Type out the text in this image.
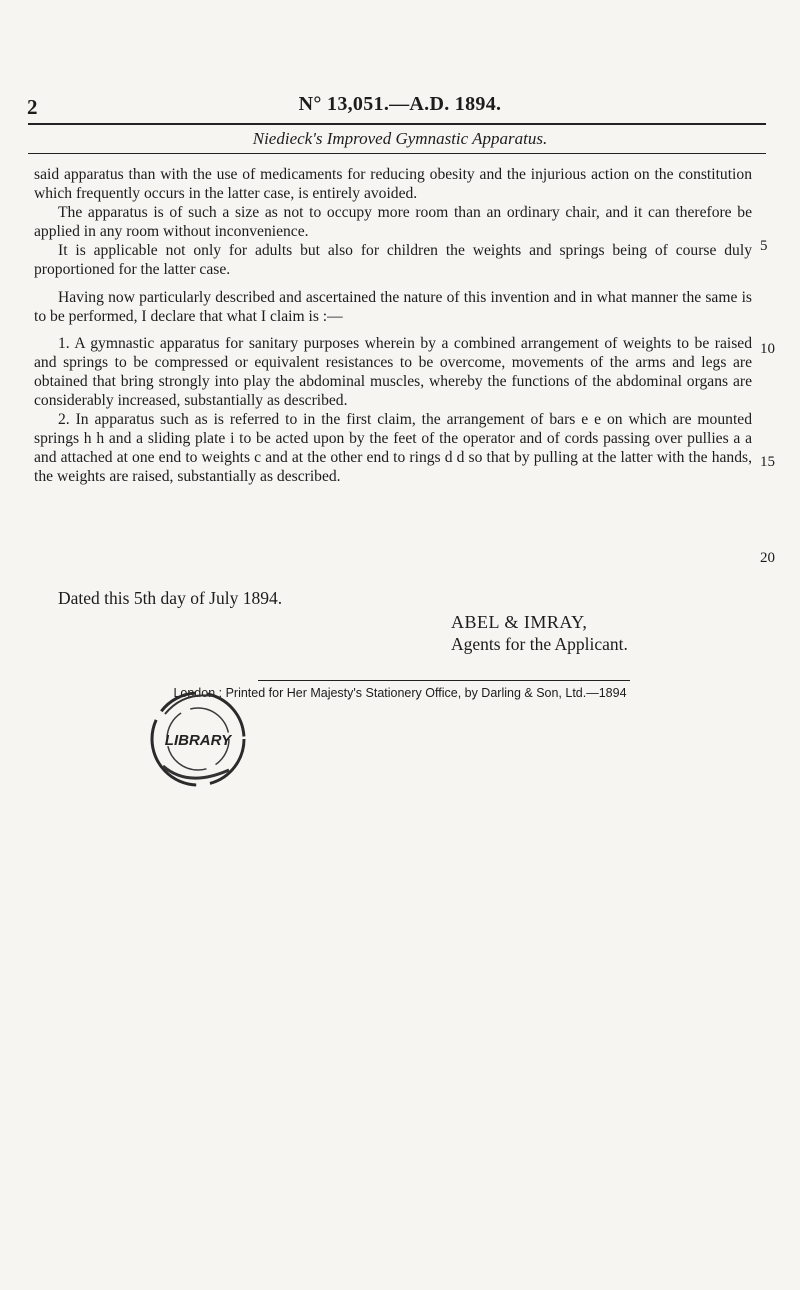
2	N° 13,051.—A.D. 1894.
Niedieck's Improved Gymnastic Apparatus.

said apparatus than with the use of medicaments for reducing obesity and the injurious action on the constitution which frequently occurs in the latter case, is entirely avoided.

The apparatus is of such a size as not to occupy more room than an ordinary chair, and it can therefore be applied in any room without inconvenience.

It is applicable not only for adults but also for children the weights and springs being of course duly proportioned for the latter case.

Having now particularly described and ascertained the nature of this invention and in what manner the same is to be performed, I declare that what I claim is :—

1. A gymnastic apparatus for sanitary purposes wherein by a combined arrangement of weights to be raised and springs to be compressed or equivalent resistances to be overcome, movements of the arms and legs are obtained that bring strongly into play the abdominal muscles, whereby the functions of the abdominal organs are considerably increased, substantially as described.

2. In apparatus such as is referred to in the first claim, the arrangement of bars e e on which are mounted springs h h and a sliding plate i to be acted upon by the feet of the operator and of cords passing over pullies a a and attached at one end to weights c and at the other end to rings d d so that by pulling at the latter with the hands, the weights are raised, substantially as described.

5
10
15
20
Dated this 5th day of July 1894.
ABEL & IMRAY,
Agents for the Applicant.
London : Printed for Her Majesty's Stationery Office, by Darling & Son, Ltd.—1894
LIBRARY
